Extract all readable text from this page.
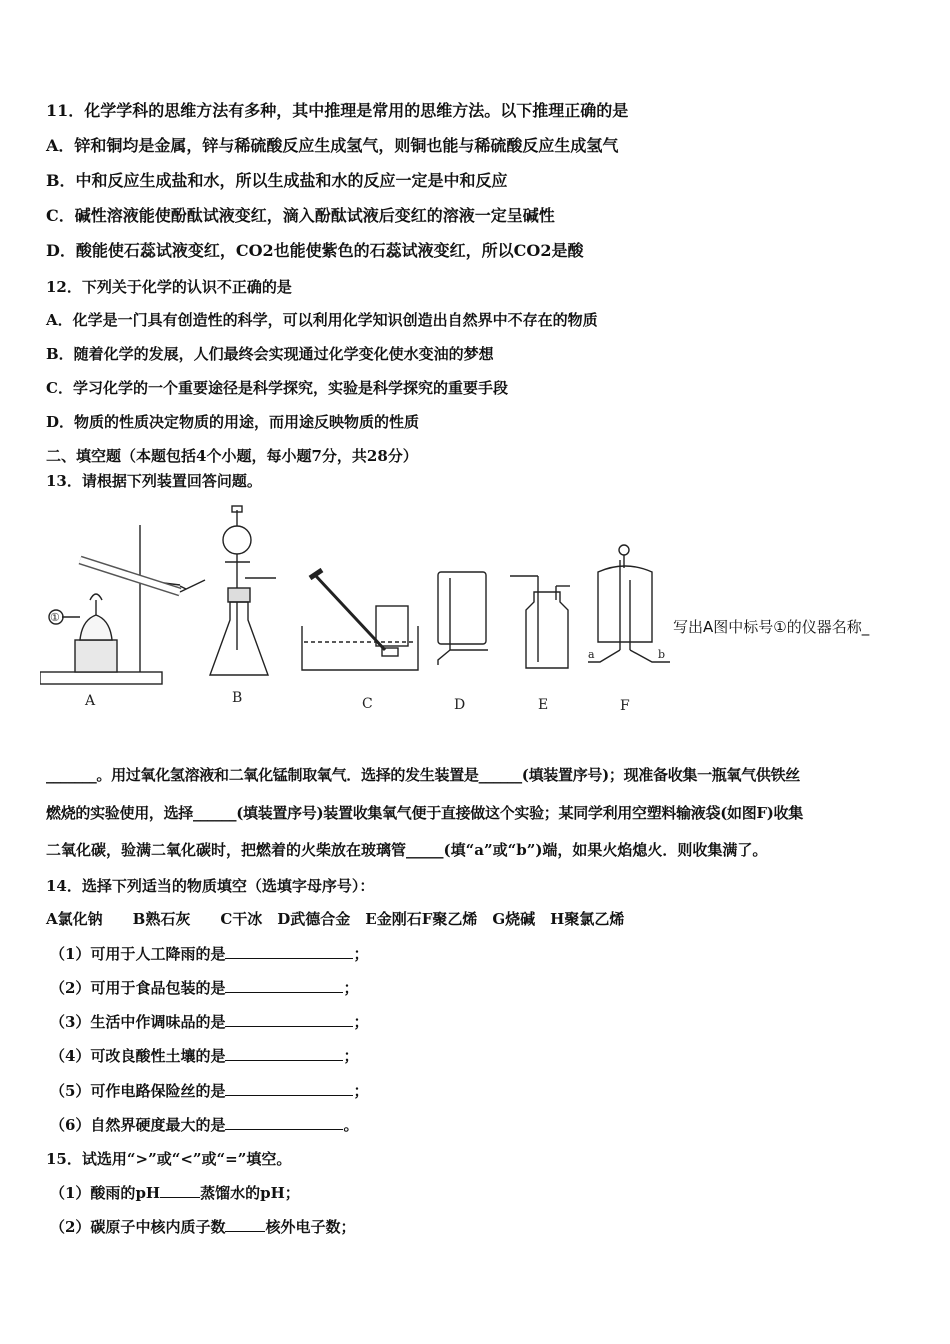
11．化学学科的思维方法有多种，其中推理是常用的思维方法。以下推理正确的是
A．锌和铜均是金属，锌与稀硫酸反应生成氢气，则铜也能与稀硫酸反应生成氢气
B．中和反应生成盐和水，所以生成盐和水的反应一定是中和反应
C．碱性溶液能使酚酞试液变红，滴入酚酞试液后变红的溶液一定呈碱性
D．酸能使石蕊试液变红，CO2也能使紫色的石蕊试液变红，所以CO2是酸
12．下列关于化学的认识不正确的是
A．化学是一门具有创造性的科学，可以利用化学知识创造出自然界中不存在的物质
B．随着化学的发展，人们最终会实现通过化学变化使水变油的梦想
C．学习化学的一个重要途径是科学探究，实验是科学探究的重要手段
D．物质的性质决定物质的用途，而用途反映物质的性质
二、填空题（本题包括4个小题，每小题7分，共28分）
13．请根据下列装置回答问题。
A	B	C	D	E	F
①
a	b
写出A图中标号①的仪器名称_
_______。用过氧化氢溶液和二氧化锰制取氧气．选择的发生装置是______(填装置序号)；现准备收集一瓶氧气供铁丝
燃烧的实验使用，选择______(填装置序号)装置收集氧气便于直接做这个实验；某同学利用空塑料输液袋(如图F)收集
二氧化碳，验满二氧化碳时，把燃着的火柴放在玻璃管_____(填“a”或“b”)端，如果火焰熄火．则收集满了。
14．选择下列适当的物质填空（选填字母序号）：
A氯化钠　　B熟石灰　　C干冰　D武德合金　E金刚石F聚乙烯　G烧碱　H聚氯乙烯
（1）可用于人工降雨的是	；
（2）可用于食品包装的是	；
（3）生活中作调味品的是	；
（4）可改良酸性土壤的是	；
（5）可作电路保险丝的是	；
（6）自然界硬度最大的是	。
15．试选用“>”或“<”或“=”填空。
（1）酸雨的pH	蒸馏水的pH；
（2）碳原子中核内质子数	核外电子数；
